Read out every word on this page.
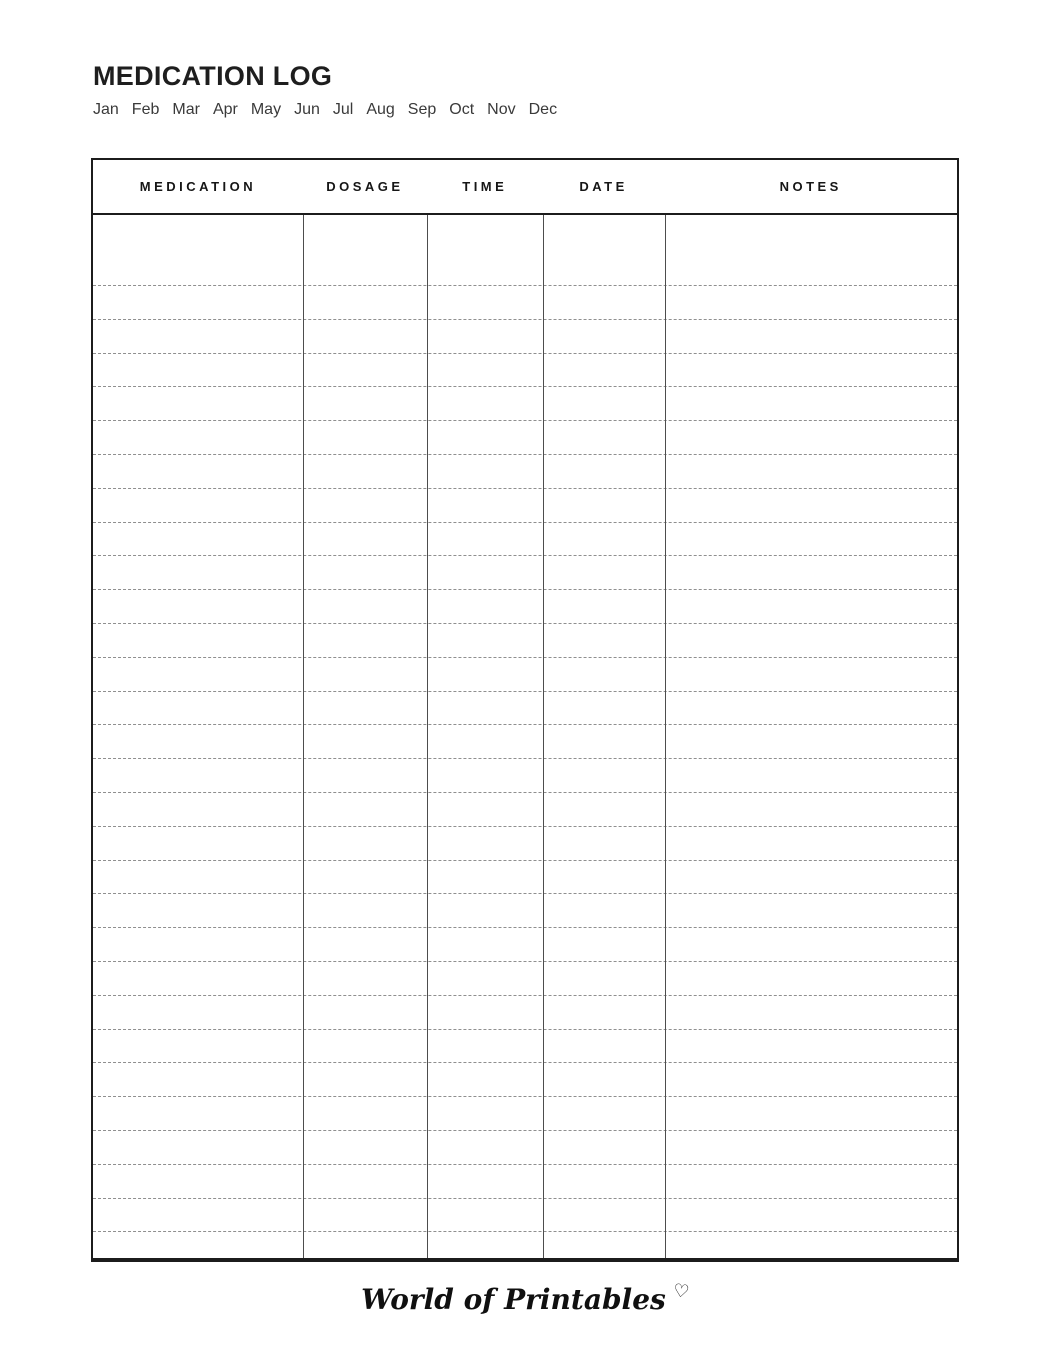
MEDICATION LOG
Jan Feb Mar Apr May Jun Jul Aug Sep Oct Nov Dec
MEDICATION	DOSAGE	TIME	DATE	NOTES
World of Printables ♡
